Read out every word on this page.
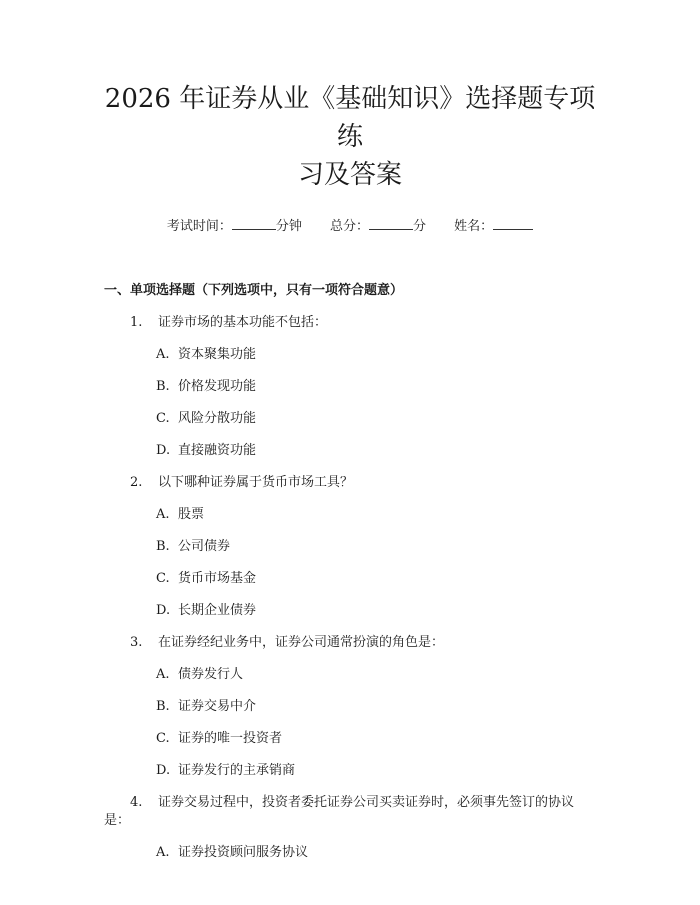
2026 年证券从业《基础知识》选择题专项练
习及答案
考试时间：	分钟 总分：	分 姓名：
一、单项选择题（下列选项中，只有一项符合题意）
1. 证券市场的基本功能不包括：
A. 资本聚集功能
B. 价格发现功能
C. 风险分散功能
D. 直接融资功能
2. 以下哪种证券属于货币市场工具？
A. 股票
B. 公司债券
C. 货币市场基金
D. 长期企业债券
3. 在证券经纪业务中，证券公司通常扮演的角色是：
A. 债券发行人
B. 证券交易中介
C. 证券的唯一投资者
D. 证券发行的主承销商
4. 证券交易过程中，投资者委托证券公司买卖证券时，必须事先签订的协议是：
A. 证券投资顾问服务协议
